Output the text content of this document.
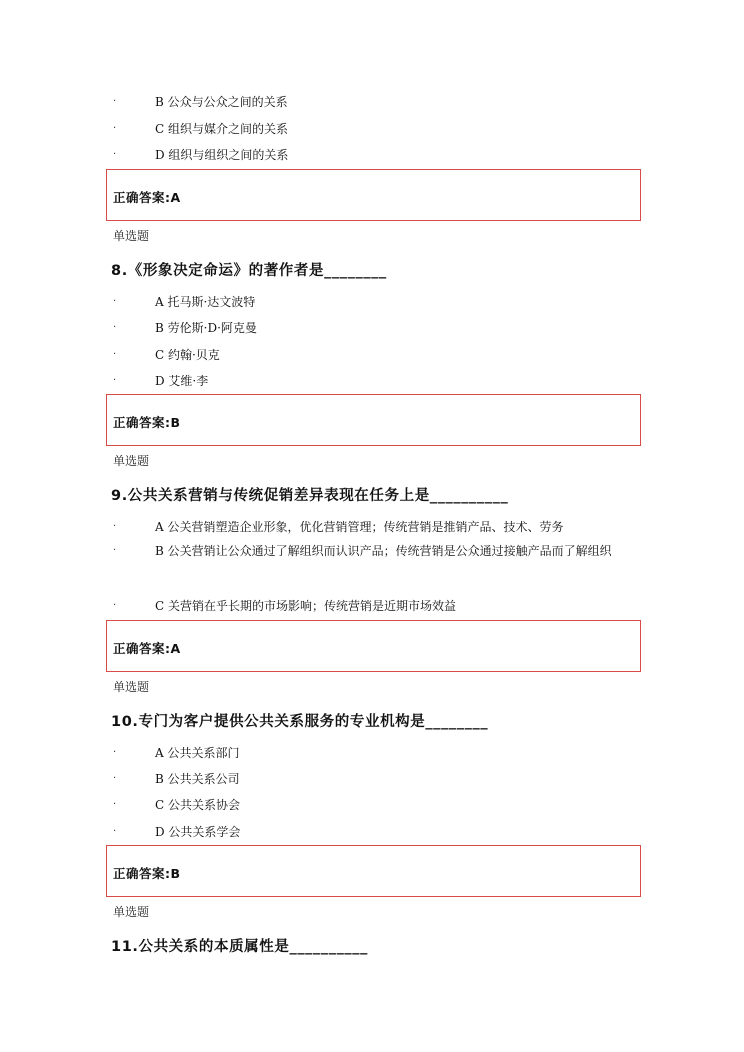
·	B 公众与公众之间的关系
·	C 组织与媒介之间的关系
·	D 组织与组织之间的关系
正确答案:A
单选题
8.《形象决定命运》的著作者是________
·	A 托马斯·达文波特
·	B 劳伦斯·D·阿克曼
·	C 约翰·贝克
·	D 艾维·李
正确答案:B
单选题
9.公共关系营销与传统促销差异表现在任务上是__________
·	A 公关营销塑造企业形象，优化营销管理；传统营销是推销产品、技术、劳务
·	B 公关营销让公众通过了解组织而认识产品；传统营销是公众通过接触产品而了解组织
·	C 关营销在乎长期的市场影响；传统营销是近期市场效益
正确答案:A
单选题
10.专门为客户提供公共关系服务的专业机构是________
·	A 公共关系部门
·	B 公共关系公司
·	C 公共关系协会
·	D 公共关系学会
正确答案:B
单选题
11.公共关系的本质属性是__________
